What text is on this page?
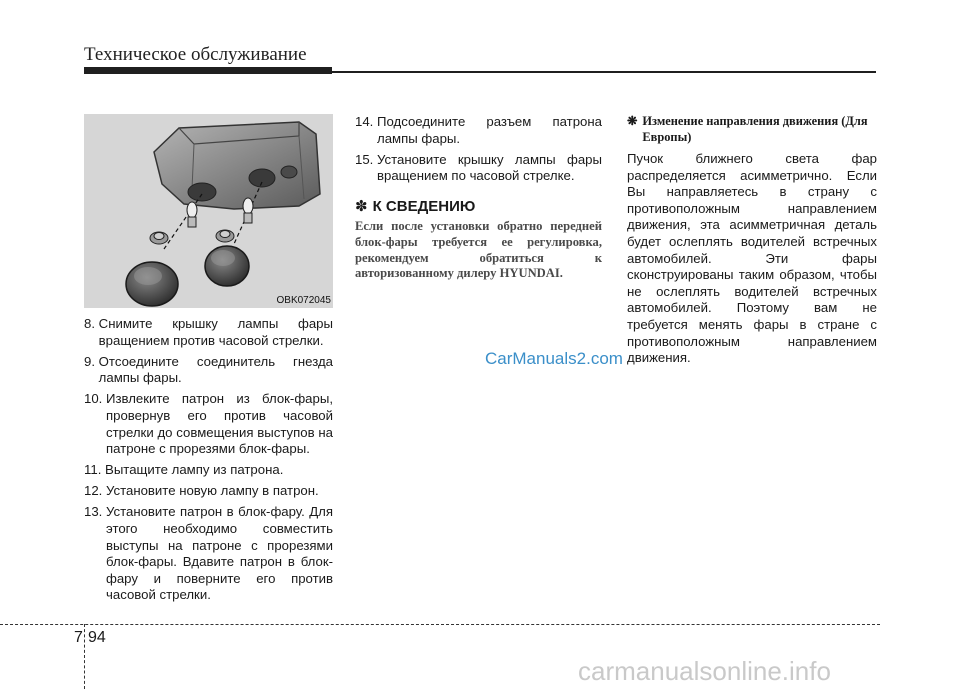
Техническое обслуживание
OBK072045
8. Снимите крышку лампы фары вращением против часовой стрелки.
9. Отсоедините соединитель гнезда лампы фары.
10. Извлеките патрон из блок-фары, провернув его против часовой стрелки до совмещения выступов на патроне с прорезями блок-фары.
11. Вытащите лампу из патрона.
12. Установите новую лампу в патрон.
13. Установите патрон в блок-фару. Для этого необходимо совместить выступы на патроне с прорезями блок-фары. Вдавите патрон в блок-фару и поверните его против часовой стрелки.
14. Подсоедините разъем патрона лампы фары.
15. Установите крышку лампы фары вращением по часовой стрелке.
✽ К СВЕДЕНИЮ
Если после установки обратно передней блок-фары требуется ее регулировка, рекомендуем обратиться к авторизованному дилеру HYUNDAI.
❋ Изменение направления движения (Для Европы)
Пучок ближнего света фар распределяется асимметрично. Если Вы направляетесь в страну с противоположным направлением движения, эта асимметричная деталь будет ослеплять водителей встречных автомобилей. Эти фары сконструированы таким образом, чтобы не ослеплять водителей встречных автомобилей. Поэтому вам не требуется менять фары в стране с противоположным направлением движения.
CarManuals2.com
7 94
carmanualsonline.info
